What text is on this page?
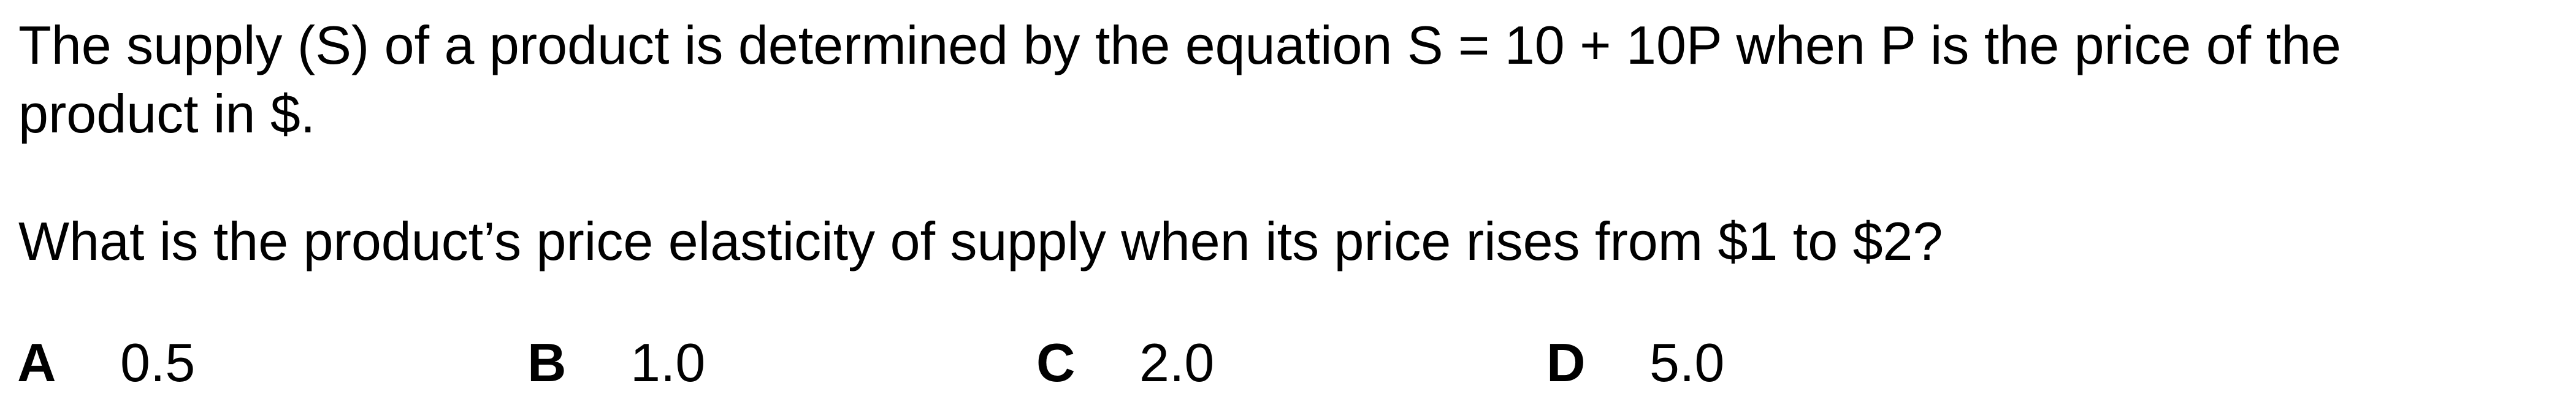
The supply (S) of a product is determined by the equation S = 10 + 10P when P is the price of the product in $.

What is the product’s price elasticity of supply when its price rises from $1 to $2?

A 0.5	B 1.0	C 2.0	D 5.0
